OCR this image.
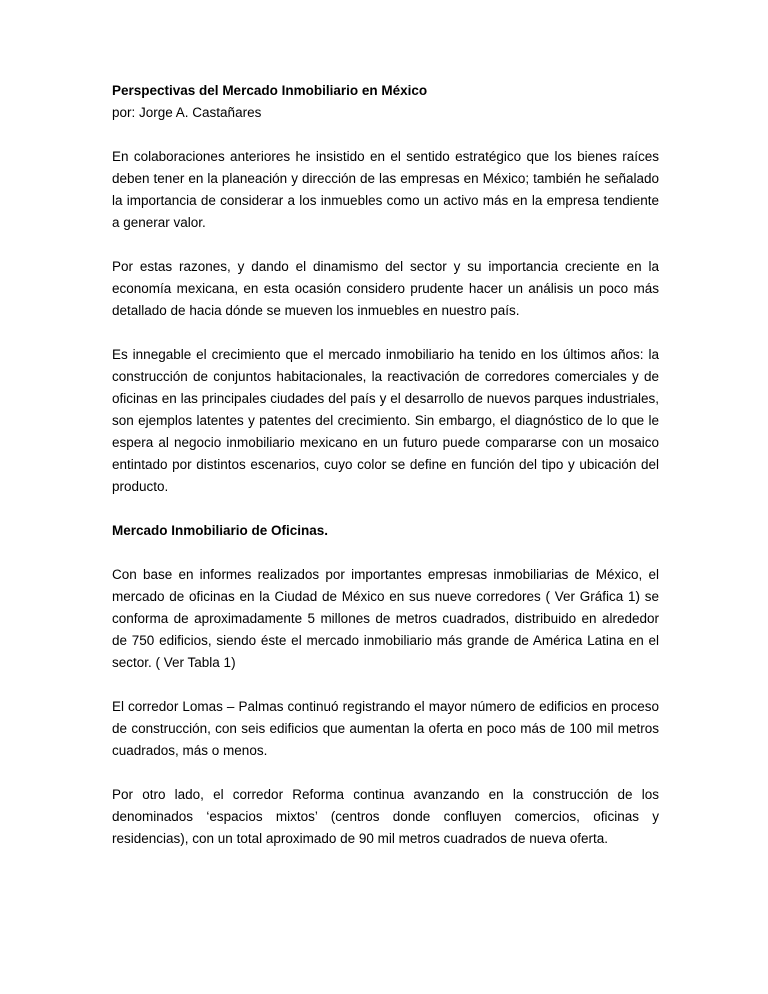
Perspectivas del Mercado Inmobiliario en México

por: Jorge A. Castañares

En colaboraciones anteriores he insistido en el sentido estratégico que los bienes raíces deben tener en la planeación y dirección de las empresas en México; también he señalado la importancia de considerar a los inmuebles como un activo más en la empresa tendiente a generar valor.

Por estas razones, y dando el dinamismo del sector y su importancia creciente en la economía mexicana, en esta ocasión considero prudente hacer un análisis un poco más detallado de hacia dónde se mueven los inmuebles en nuestro país.

Es innegable el crecimiento que el mercado inmobiliario ha tenido en los últimos años: la construcción de conjuntos habitacionales, la reactivación de corredores comerciales y de oficinas en las principales ciudades del país y el desarrollo de nuevos parques industriales, son ejemplos latentes y patentes del crecimiento. Sin embargo, el diagnóstico de lo que le espera al negocio inmobiliario mexicano en un futuro puede compararse con un mosaico entintado por distintos escenarios, cuyo color se define en función del tipo y ubicación del producto.

Mercado Inmobiliario de Oficinas.

Con base en informes realizados por importantes empresas inmobiliarias de México, el mercado de oficinas en la Ciudad de México en sus nueve corredores ( Ver Gráfica 1) se conforma de aproximadamente 5 millones de metros cuadrados, distribuido en alrededor de 750 edificios, siendo éste el mercado inmobiliario más grande de América Latina en el sector. ( Ver Tabla 1)

El corredor Lomas – Palmas continuó registrando el mayor número de edificios en proceso de construcción, con seis edificios que aumentan la oferta en poco más de 100 mil metros cuadrados, más o menos.

Por otro lado, el corredor Reforma continua avanzando en la construcción de los denominados ‘espacios mixtos’ (centros donde confluyen comercios, oficinas y residencias), con un total aproximado de 90 mil metros cuadrados de nueva oferta.
